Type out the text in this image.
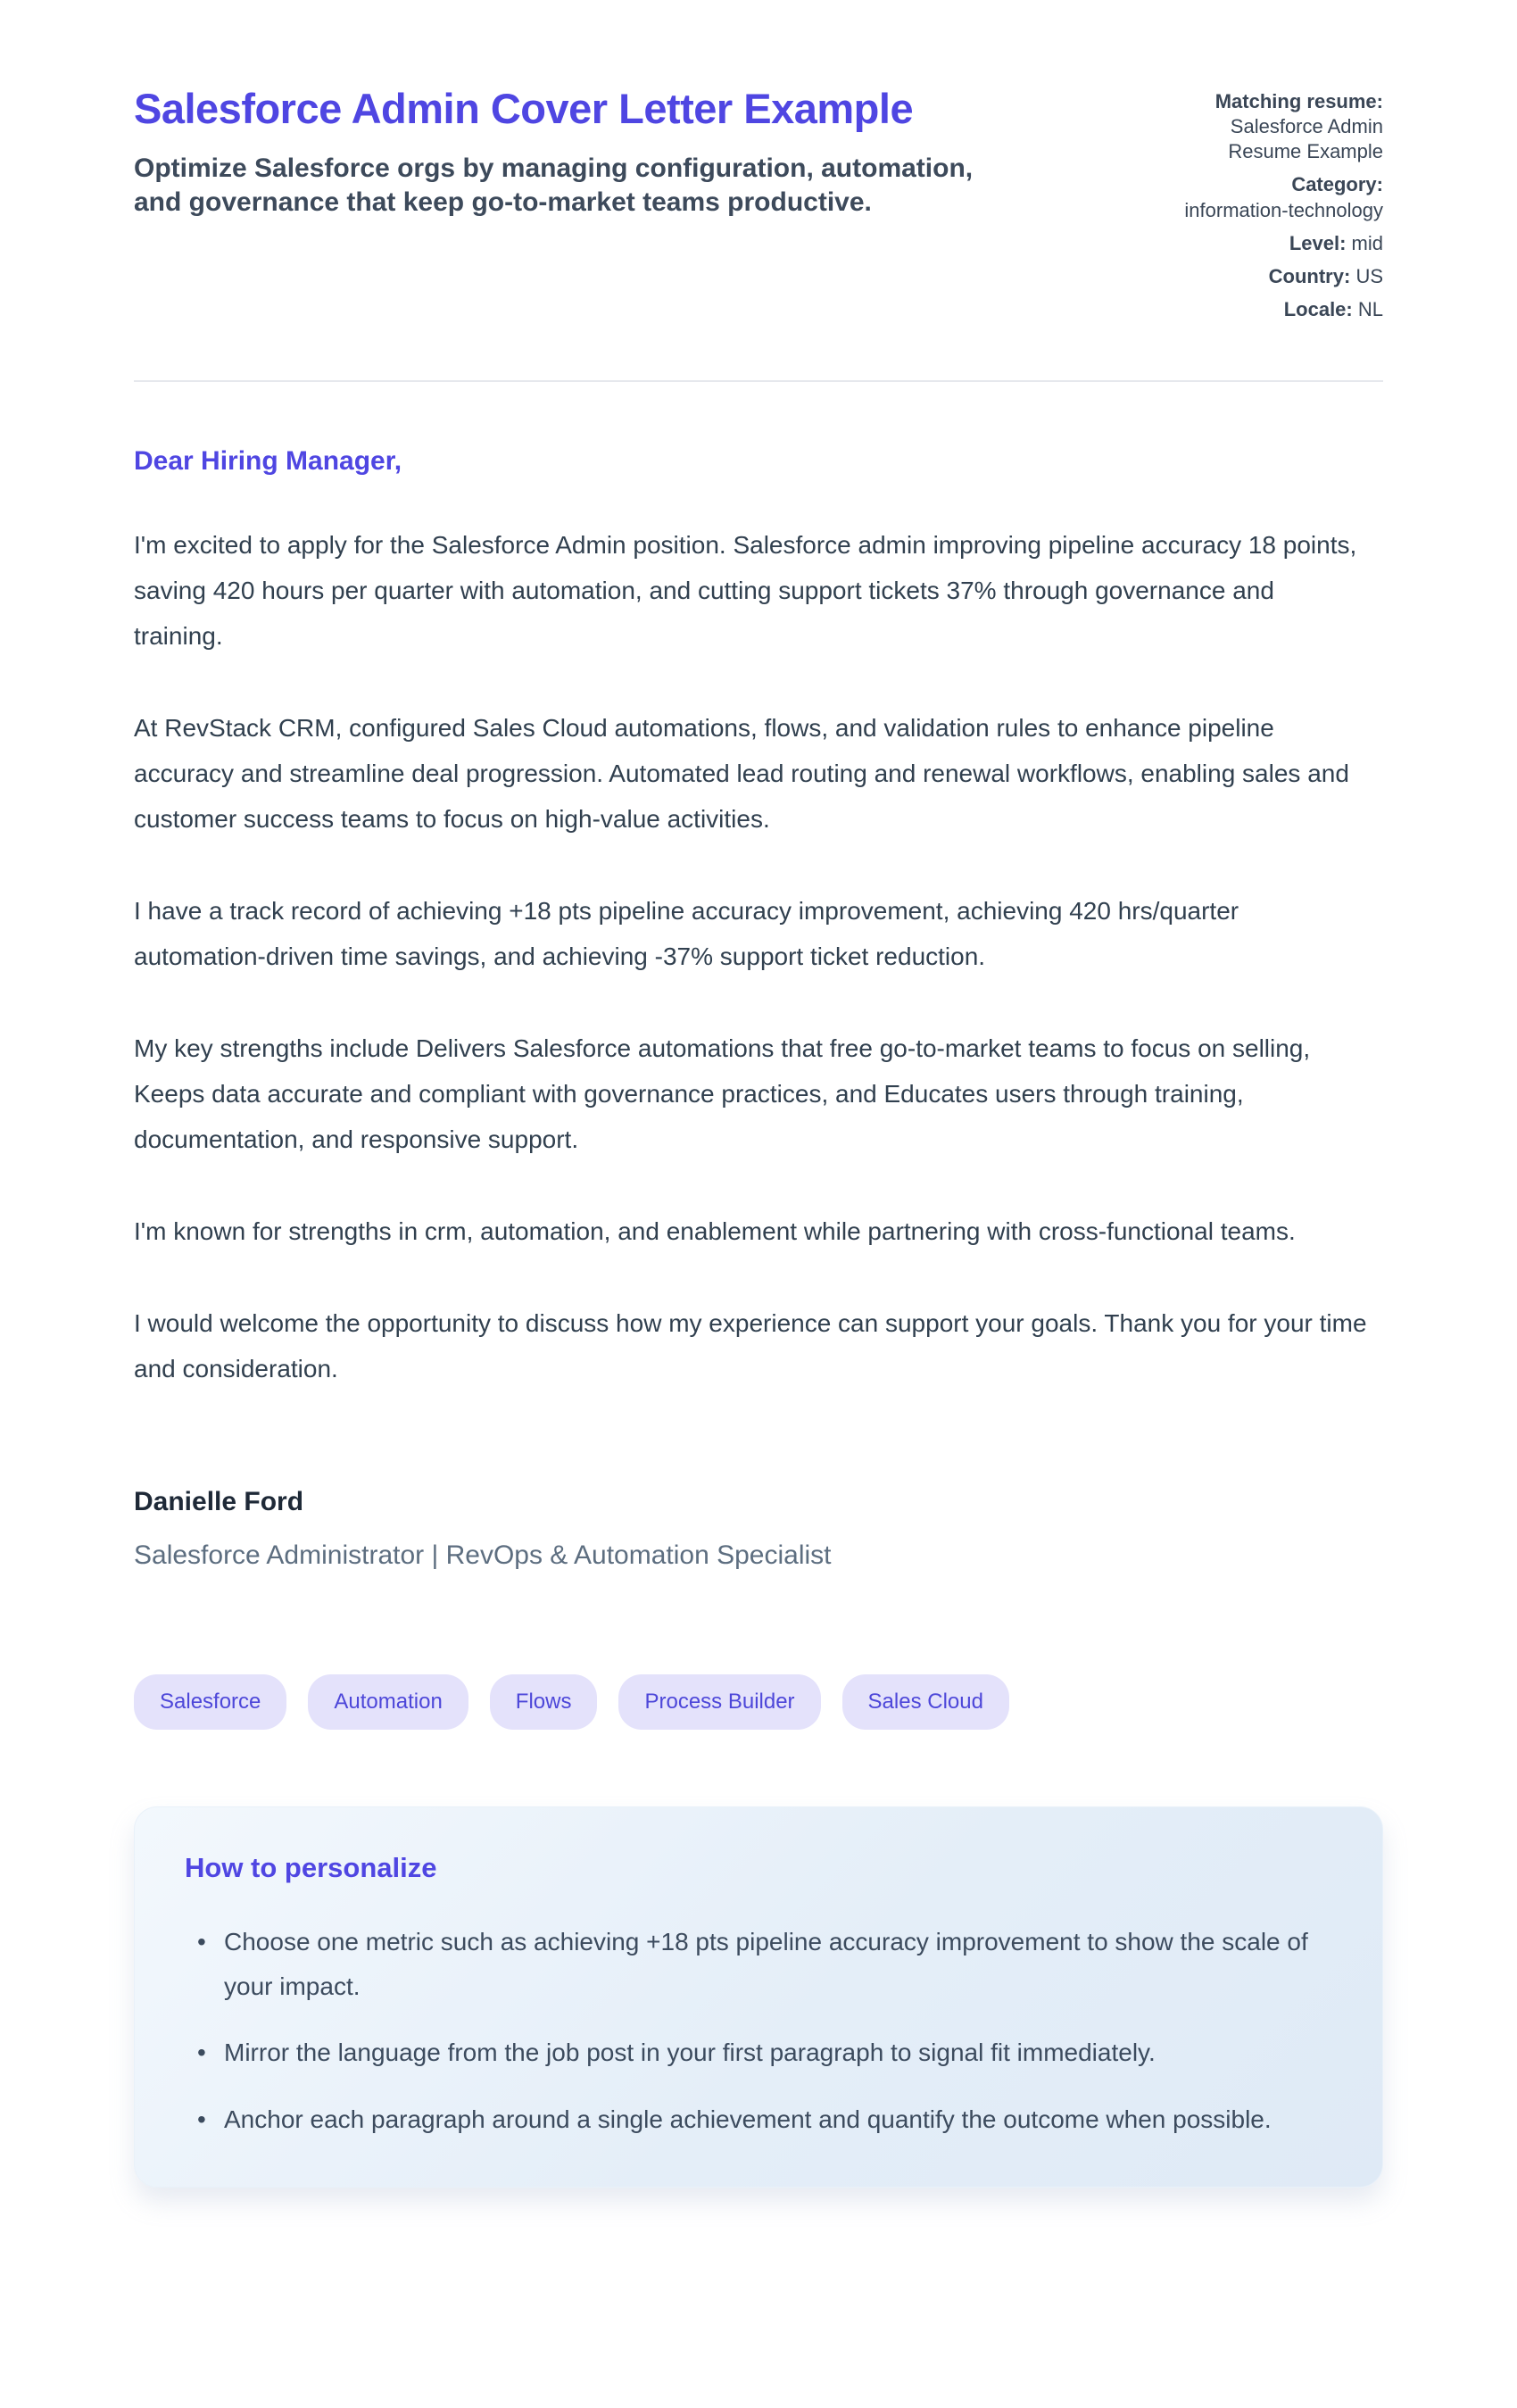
Salesforce Admin Cover Letter Example

Optimize Salesforce orgs by managing configuration, automation, and governance that keep go-to-market teams productive.

Matching resume:
Salesforce Admin Resume Example
Category:
information-technology
Level: mid
Country: US
Locale: NL

Dear Hiring Manager,

I'm excited to apply for the Salesforce Admin position. Salesforce admin improving pipeline accuracy 18 points, saving 420 hours per quarter with automation, and cutting support tickets 37% through governance and training.

At RevStack CRM, configured Sales Cloud automations, flows, and validation rules to enhance pipeline accuracy and streamline deal progression. Automated lead routing and renewal workflows, enabling sales and customer success teams to focus on high-value activities.

I have a track record of achieving +18 pts pipeline accuracy improvement, achieving 420 hrs/quarter automation-driven time savings, and achieving -37% support ticket reduction.

My key strengths include Delivers Salesforce automations that free go-to-market teams to focus on selling, Keeps data accurate and compliant with governance practices, and Educates users through training, documentation, and responsive support.

I'm known for strengths in crm, automation, and enablement while partnering with cross-functional teams.

I would welcome the opportunity to discuss how my experience can support your goals. Thank you for your time and consideration.

Danielle Ford

Salesforce Administrator | RevOps & Automation Specialist

Salesforce	Automation	Flows	Process Builder	Sales Cloud
How to personalize
• Choose one metric such as achieving +18 pts pipeline accuracy improvement to show the scale of your impact.
• Mirror the language from the job post in your first paragraph to signal fit immediately.
• Anchor each paragraph around a single achievement and quantify the outcome when possible.
